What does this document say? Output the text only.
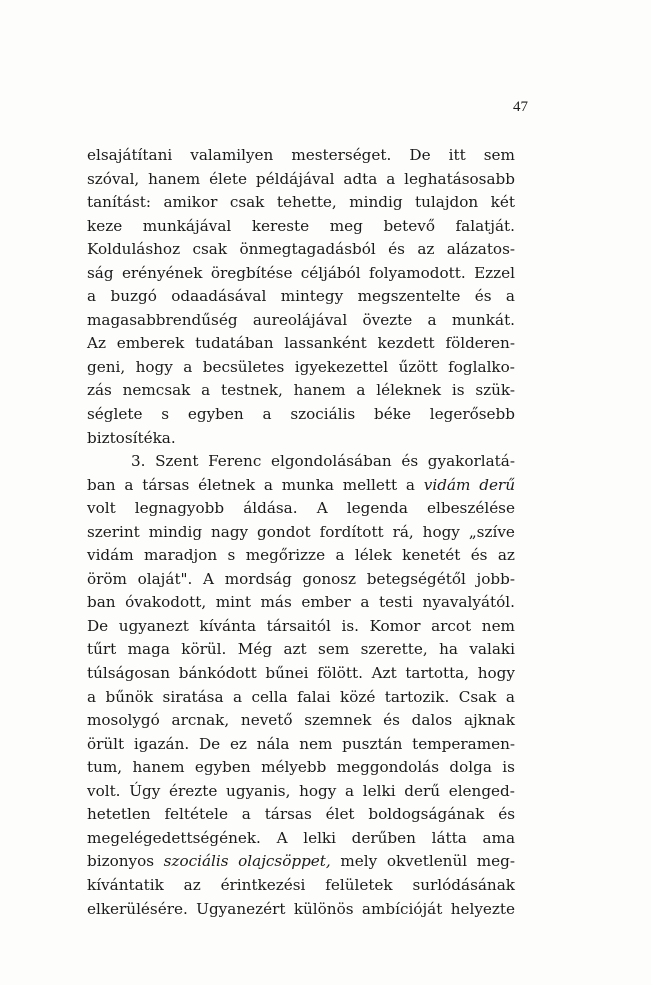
47
elsajátítani valamilyen mesterséget. De itt sem
szóval, hanem élete példájával adta a leghatásosabb
tanítást: amikor csak tehette, mindig tulajdon két
keze munkájával kereste meg betevő falatját.
Kolduláshoz csak önmegtagadásból és az alázatos-
ság erényének öregbítése céljából folyamodott. Ezzel
a buzgó odaadásával mintegy megszentelte és a
magasabbrendűség aureolájával övezte a munkát.
Az emberek tudatában lassanként kezdett földeren-
geni, hogy a becsületes igyekezettel űzött foglalko-
zás nemcsak a testnek, hanem a léleknek is szük-
séglete s egyben a szociális béke legerősebb
biztosítéka.
3. Szent Ferenc elgondolásában és gyakorlatá-
ban a társas életnek a munka mellett a vidám derű
volt legnagyobb áldása. A legenda elbeszélése
szerint mindig nagy gondot fordított rá, hogy „szíve
vidám maradjon s megőrizze a lélek kenetét és az
öröm olaját". A mordság gonosz betegségétől jobb-
ban óvakodott, mint más ember a testi nyavalyától.
De ugyanezt kívánta társaitól is. Komor arcot nem
tűrt maga körül. Még azt sem szerette, ha valaki
túlságosan bánkódott bűnei fölött. Azt tartotta, hogy
a bűnök siratása a cella falai közé tartozik. Csak a
mosolygó arcnak, nevető szemnek és dalos ajknak
örült igazán. De ez nála nem pusztán temperamen-
tum, hanem egyben mélyebb meggondolás dolga is
volt. Úgy érezte ugyanis, hogy a lelki derű elenged-
hetetlen feltétele a társas élet boldogságának és
megelégedettségének. A lelki derűben látta ama
bizonyos szociális olajcsöppet, mely okvetlenül meg-
kívántatik az érintkezési felületek surlódásának
elkerülésére. Ugyanezért különös ambícióját helyezte
